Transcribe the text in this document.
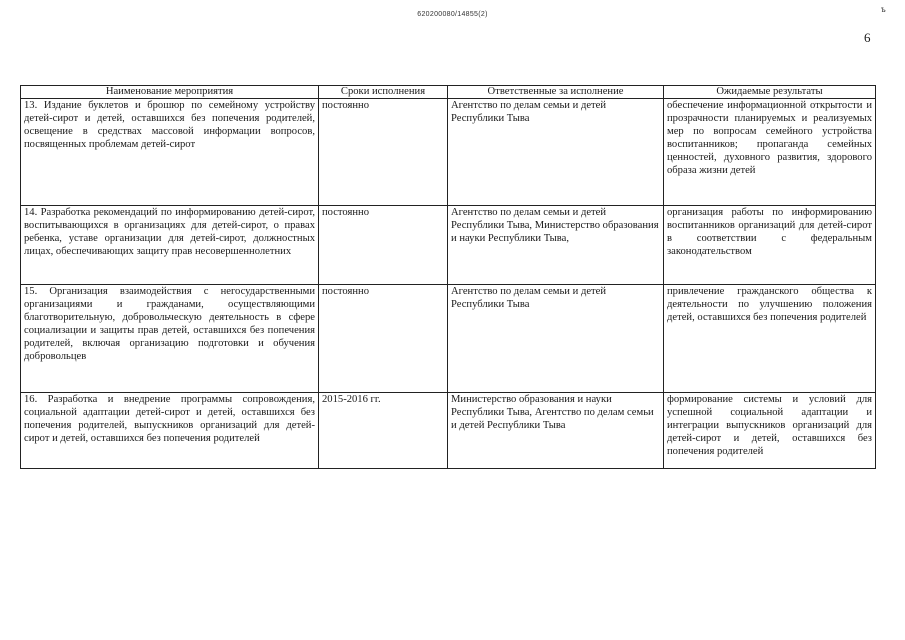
620200080/14855(2)
ъ
6
Наименование мероприятия	Сроки исполнения	Ответственные за исполнение	Ожидаемые результаты
13. Издание буклетов и брошюр по семейному устройству детей-сирот и детей, оставшихся без попечения родителей, освещение в средствах массовой информации вопросов, посвященных проблемам детей-сирот	постоянно	Агентство по делам семьи и детей Республики Тыва	обеспечение информационной открытости и прозрачности планируемых и реализуемых мер по вопросам семейного устройства воспитанников; пропаганда семейных ценностей, духовного развития, здорового образа жизни детей
14. Разработка рекомендаций по информированию детей-сирот, воспитывающихся в организациях для детей-сирот, о правах ребенка, уставе организации для детей-сирот, должностных лицах, обеспечивающих защиту прав несовершеннолетних	постоянно	Агентство по делам семьи и детей Республики Тыва, Министерство образования и науки Республики Тыва,	организация работы по информированию воспитанников организаций для детей-сирот в соответствии с федеральным законодательством
15. Организация взаимодействия с негосударственными организациями и гражданами, осуществляющими благотворительную, добровольческую деятельность в сфере социализации и защиты прав детей, оставшихся без попечения родителей, включая организацию подготовки и обучения добровольцев	постоянно	Агентство по делам семьи и детей Республики Тыва	привлечение гражданского общества к деятельности по улучшению положения детей, оставшихся без попечения родителей
16. Разработка и внедрение программы сопровождения, социальной адаптации детей-сирот и детей, оставшихся без попечения родителей, выпускников организаций для детей-сирот и детей, оставшихся без попечения родителей	2015-2016 гг.	Министерство образования и науки Республики Тыва, Агентство по делам семьи и детей Республики Тыва	формирование системы и условий для успешной социальной адаптации и интеграции выпускников организаций для детей-сирот и детей, оставшихся без попечения родителей
